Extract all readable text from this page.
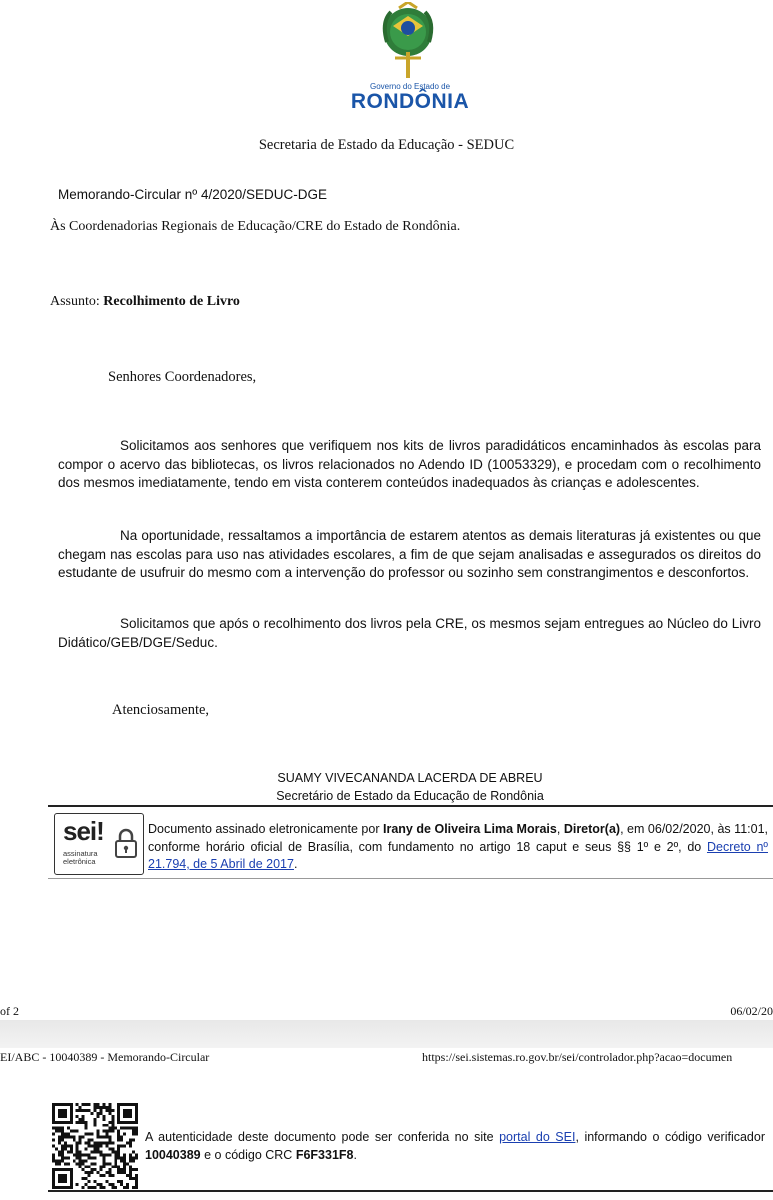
Governo do Estado de
RONDÔNIA
Secretaria de Estado da Educação - SEDUC
Memorando-Circular nº 4/2020/SEDUC-DGE
Às Coordenadorias Regionais de Educação/CRE do Estado de Rondônia.
Assunto: Recolhimento de Livro
Senhores Coordenadores,

Solicitamos aos senhores que verifiquem nos kits de livros paradidáticos encaminhados às escolas para compor o acervo das bibliotecas, os livros relacionados no Adendo ID (10053329), e procedam com o recolhimento dos mesmos imediatamente, tendo em vista conterem conteúdos inadequados às crianças e adolescentes.

Na oportunidade, ressaltamos a importância de estarem atentos as demais literaturas já existentes ou que chegam nas escolas para uso nas atividades escolares, a fim de que sejam analisadas e assegurados os direitos do estudante de usufruir do mesmo com a intervenção do professor ou sozinho sem constrangimentos e desconfortos.

Solicitamos que após o recolhimento dos livros pela CRE, os mesmos sejam entregues ao Núcleo do Livro Didático/GEB/DGE/Seduc.

Atenciosamente,
SUAMY VIVECANANDA LACERDA DE ABREU
Secretário de Estado da Educação de Rondônia
sei!
assinatura
eletrônica
Documento assinado eletronicamente por Irany de Oliveira Lima Morais, Diretor(a), em 06/02/2020, às 11:01, conforme horário oficial de Brasília, com fundamento no artigo 18 caput e seus §§ 1º e 2º, do Decreto nº 21.794, de 5 Abril de 2017.
of 2	06/02/20
EI/ABC - 10040389 - Memorando-Circular	https://sei.sistemas.ro.gov.br/sei/controlador.php?acao=documen
A autenticidade deste documento pode ser conferida no site portal do SEI, informando o código verificador 10040389 e o código CRC F6F331F8.
